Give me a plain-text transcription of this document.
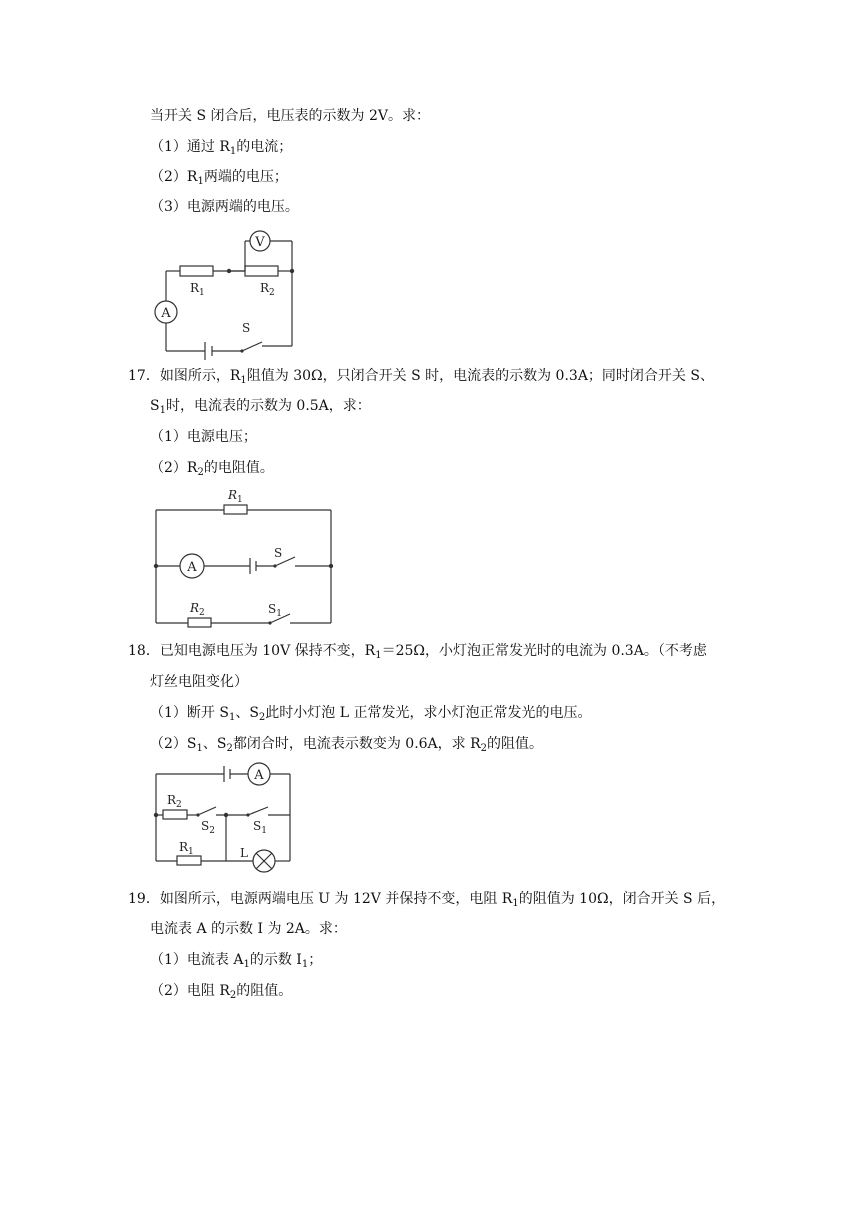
当开关 S 闭合后，电压表的示数为 2V。求：
（1）通过 $R_1$的电流；
$(2)R_1$两端的电压；
（3）电源两端的电压。
A
V
$R_1$	$R_2$
S
17．如图所示，$R_1$阻值为 30Ω，只闭合开关 S 时，电流表的示数为 0.3A；同时闭合开关 S、
$S_1$时，电流表的示数为 0.5A，求：
（1）电源电压；
$(2)R_2$的电阻值。
A
$R_1$
$R_2$
S
$S_1$
18．已知电源电压为 10V 保持不变，$R_1=25\Omega$，小灯泡正常发光时的电流为 0.3A。（不考虑
灯丝电阻变化）
（1）断开 $S_1$、$S_2$此时小灯泡 L 正常发光，求小灯泡正常发光的电压。
$(2)S_1$、$S_2$都闭合时，电流表示数变为 0.6A，求 $R_2$的阻值。
A
$R_2$
$R_1$
$S_2$	$S_1$
L
19．如图所示，电源两端电压 U 为 12V 并保持不变，电阻 $R_1$的阻值为 10Ω，闭合开关 S 后，
电流表 A 的示数 I 为 2A。求：
（1）电流表 $A_1$的示数 $I_1$；
（2）电阻 $R_2$的阻值。
